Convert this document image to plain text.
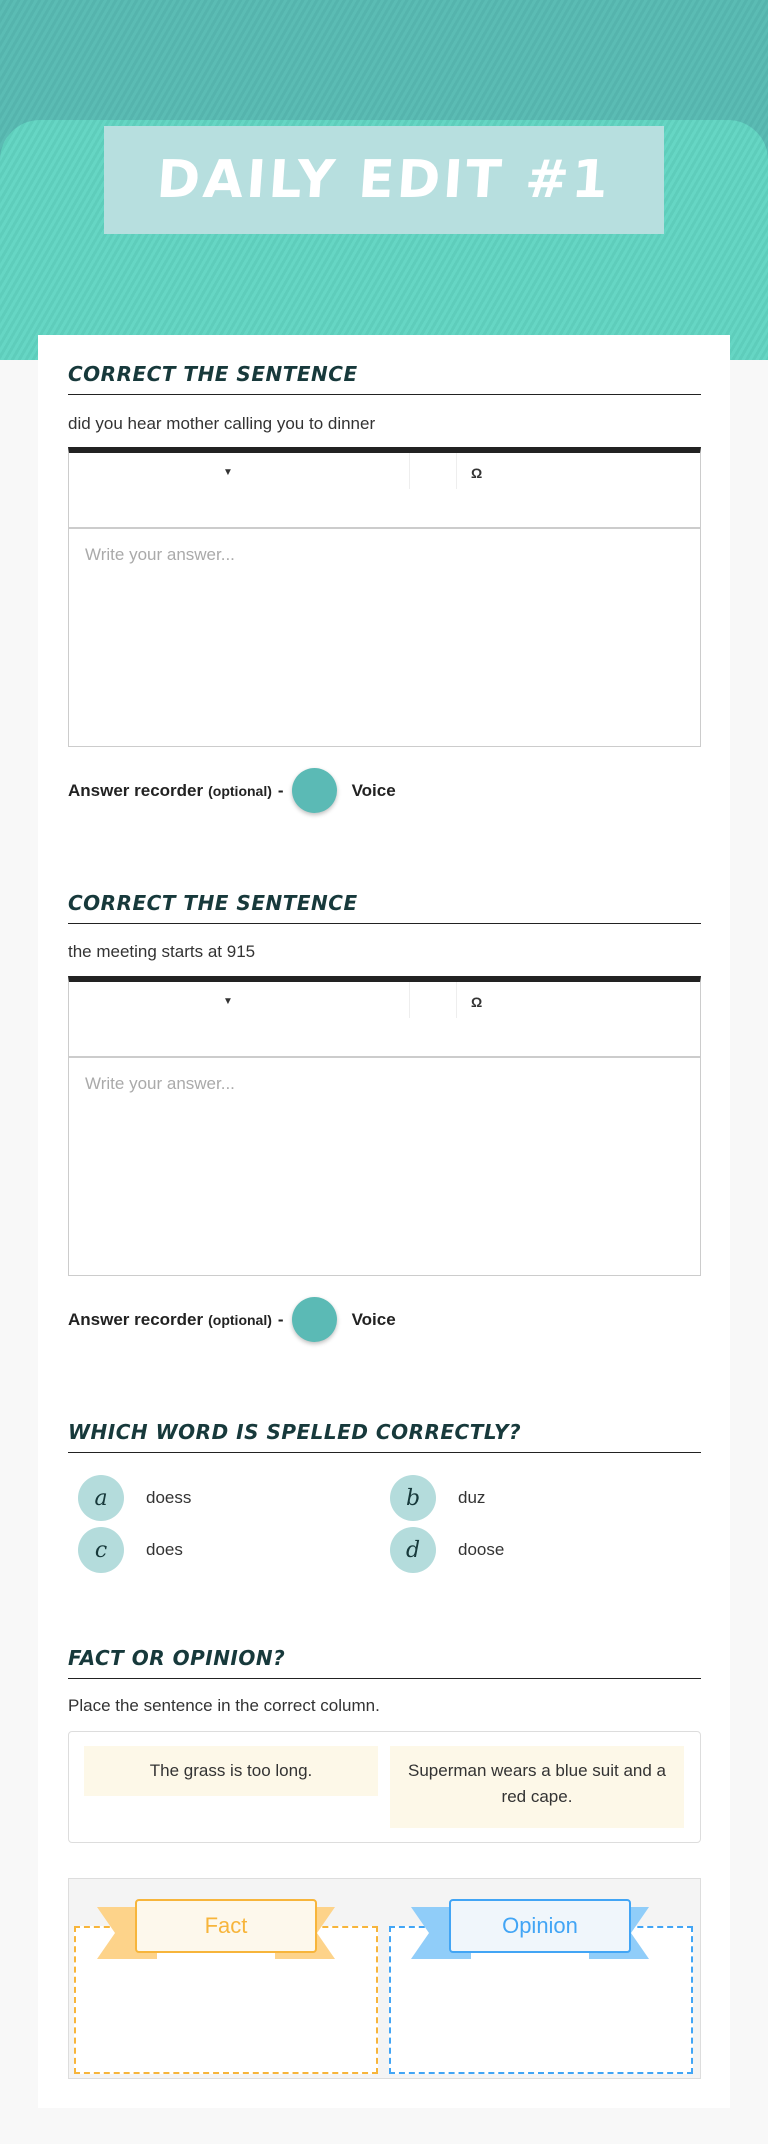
DAILY EDIT #1
CORRECT THE SENTENCE
did you hear mother calling you to dinner
▼	Ω
Write your answer...
Answer recorder (optional) -	Voice
CORRECT THE SENTENCE
the meeting starts at 915
▼	Ω
Write your answer...
Answer recorder (optional) -	Voice
WHICH WORD IS SPELLED CORRECTLY?
a	doess	b	duz
c	does	d	doose
FACT OR OPINION?
Place the sentence in the correct column.
The grass is too long.	Superman wears a blue suit and a red cape.
Fact	Opinion
